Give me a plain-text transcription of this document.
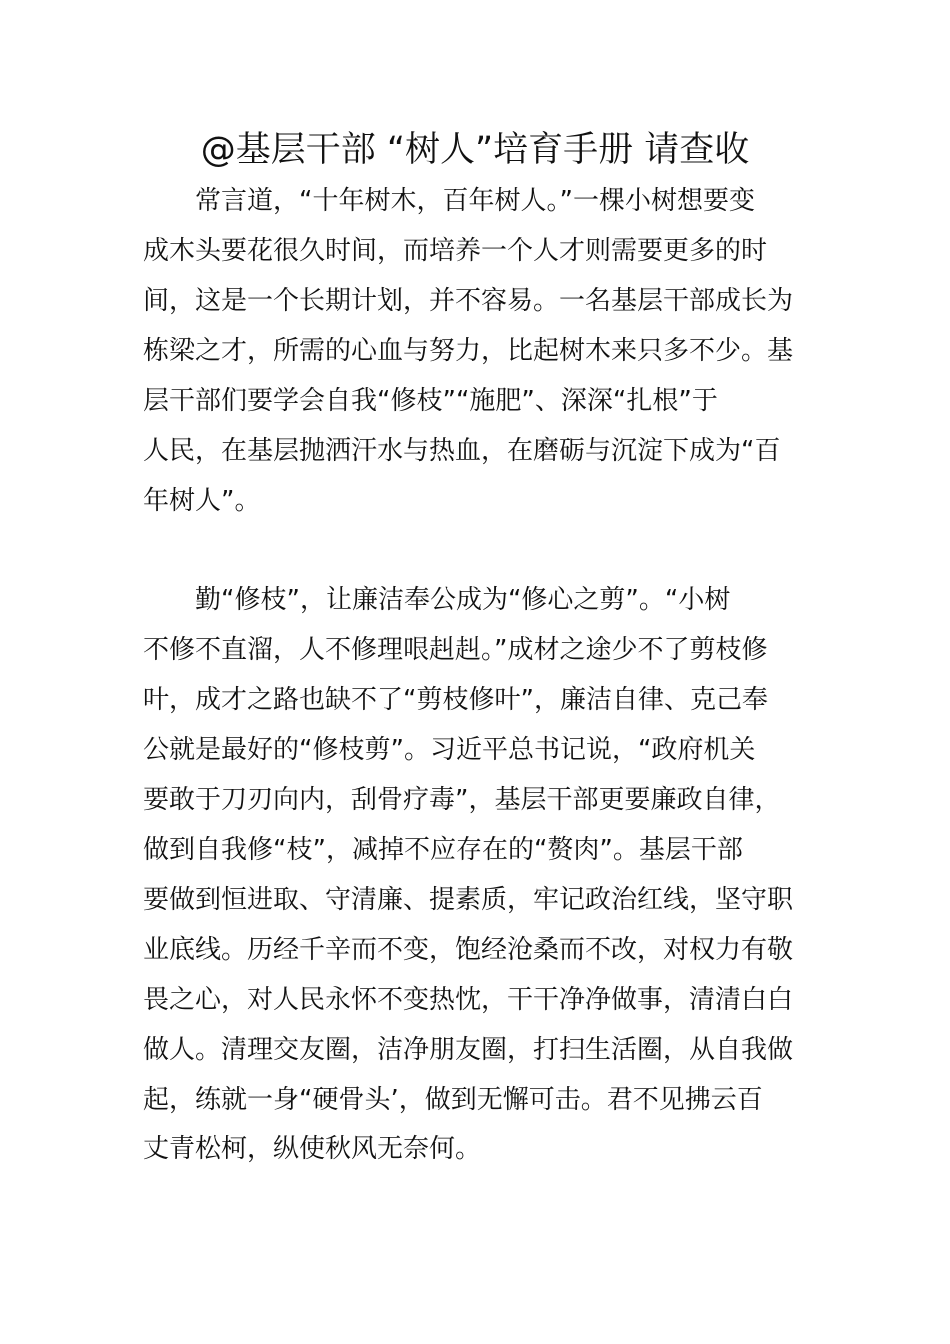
@基层干部 “树人”培育手册 请查收
常言道，“十年树木，百年树人。”一棵小树想要变
成木头要花很久时间，而培养一个人才则需要更多的时
间，这是一个长期计划，并不容易。一名基层干部成长为
栋梁之才，所需的心血与努力，比起树木来只多不少。基
层干部们要学会自我“修枝”“施肥”、深深“扎根”于
人民，在基层抛洒汗水与热血，在磨砺与沉淀下成为“百
年树人”。
勤“修枝”，让廉洁奉公成为“修心之剪”。“小树
不修不直溜，人不修理哏赳赳。”成材之途少不了剪枝修
叶，成才之路也缺不了“剪枝修叶”，廉洁自律、克己奉
公就是最好的“修枝剪”。习近平总书记说，“政府机关
要敢于刀刃向内，刮骨疗毒”，基层干部更要廉政自律，
做到自我修“枝”，减掉不应存在的“赘肉”。基层干部
要做到恒进取、守清廉、提素质，牢记政治红线，坚守职
业底线。历经千辛而不变，饱经沧桑而不改，对权力有敬
畏之心，对人民永怀不变热忱，干干净净做事，清清白白
做人。清理交友圈，洁净朋友圈，打扫生活圈，从自我做
起，练就一身“硬骨头’，做到无懈可击。君不见拂云百
丈青松柯，纵使秋风无奈何。
